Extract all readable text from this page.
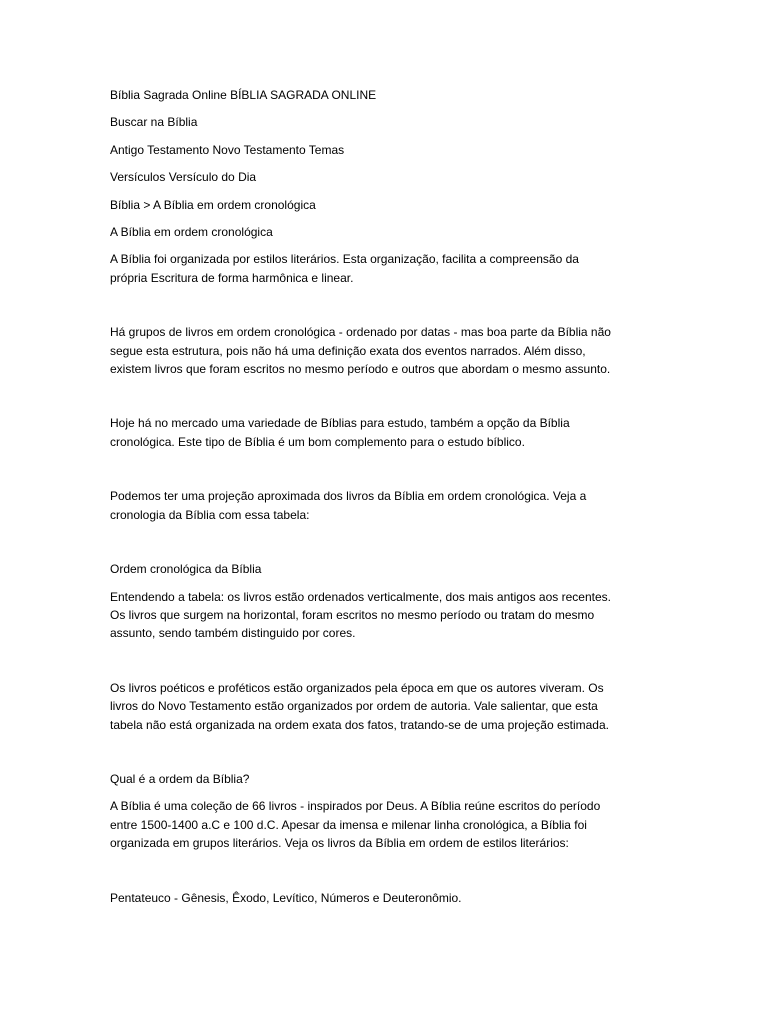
Bíblia Sagrada Online BÍBLIA SAGRADA ONLINE
Buscar na Bíblia
Antigo Testamento Novo Testamento Temas
Versículos Versículo do Dia
Bíblia > A Bíblia em ordem cronológica
A Bíblia em ordem cronológica
A Bíblia foi organizada por estilos literários. Esta organização, facilita a compreensão da
própria Escritura de forma harmônica e linear.
Há grupos de livros em ordem cronológica - ordenado por datas - mas boa parte da Bíblia não
segue esta estrutura, pois não há uma definição exata dos eventos narrados. Além disso,
existem livros que foram escritos no mesmo período e outros que abordam o mesmo assunto.
Hoje há no mercado uma variedade de Bíblias para estudo, também a opção da Bíblia
cronológica. Este tipo de Bíblia é um bom complemento para o estudo bíblico.
Podemos ter uma projeção aproximada dos livros da Bíblia em ordem cronológica. Veja a
cronologia da Bíblia com essa tabela:
Ordem cronológica da Bíblia
Entendendo a tabela: os livros estão ordenados verticalmente, dos mais antigos aos recentes.
Os livros que surgem na horizontal, foram escritos no mesmo período ou tratam do mesmo
assunto, sendo também distinguido por cores.
Os livros poéticos e proféticos estão organizados pela época em que os autores viveram. Os
livros do Novo Testamento estão organizados por ordem de autoria. Vale salientar, que esta
tabela não está organizada na ordem exata dos fatos, tratando-se de uma projeção estimada.
Qual é a ordem da Bíblia?
A Bíblia é uma coleção de 66 livros - inspirados por Deus. A Bíblia reúne escritos do período
entre 1500-1400 a.C e 100 d.C. Apesar da imensa e milenar linha cronológica, a Bíblia foi
organizada em grupos literários. Veja os livros da Bíblia em ordem de estilos literários:
Pentateuco - Gênesis, Êxodo, Levítico, Números e Deuteronômio.
